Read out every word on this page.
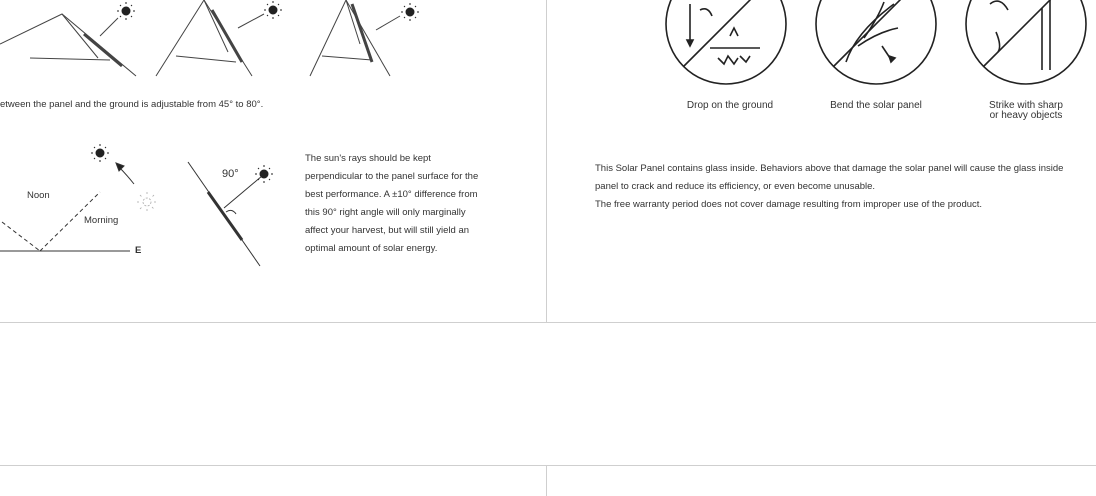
etween the panel and the ground is adjustable from 45° to 80°.
Noon
Morning
E
90°
The sun's rays should be kept
perpendicular to the panel surface for the
best performance. A ±10° difference from
this 90° right angle will only marginally
affect your harvest, but will still yield an
optimal amount of solar energy.
Drop on the ground	Bend the solar panel	Strike with sharp
or heavy objects
This Solar Panel contains glass inside. Behaviors above that damage the solar panel will cause the glass inside
panel to crack and reduce its efficiency, or even become unusable.
The free warranty period does not cover damage resulting from improper use of the product.
